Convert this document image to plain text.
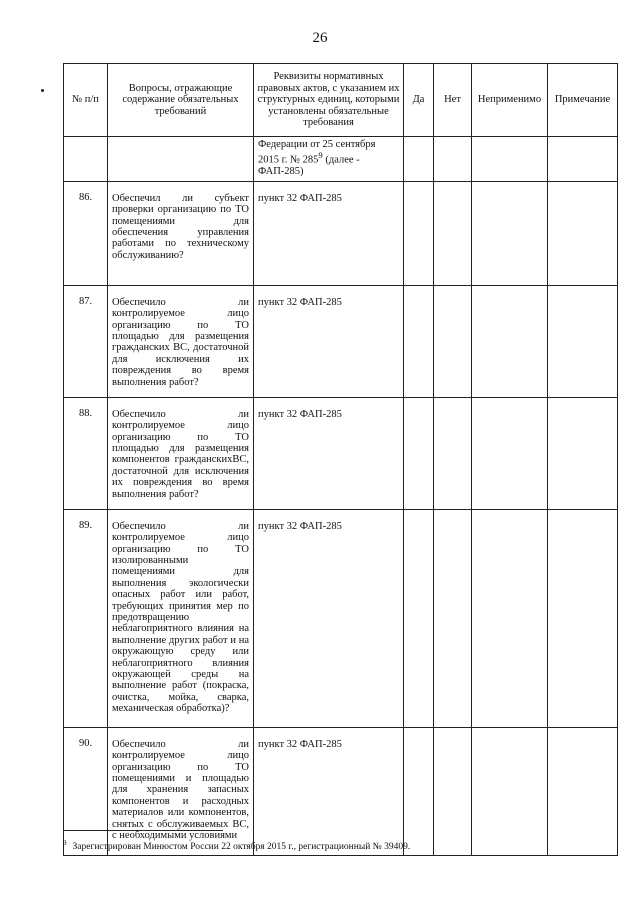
26
№ п/п	Вопросы, отражающие содержание обязательных требований	Реквизиты нормативных правовых актов, с указанием их структурных единиц, которыми установлены обязательные требования	Да	Нет	Неприменимо	Примечание
		Федерации от 25 сентября 2015 г. № $285^9$ (далее - ФАП-285)				
86.	Обеспечил ли субъект проверки организацию по ТО помещениями для обеспечения управления работами по техническому обслуживанию?	пункт 32 ФАП-285				
87.	Обеспечило ли контролируемое лицо организацию по ТО площадью для размещения гражданских ВС, достаточной для исключения их повреждения во время выполнения работ?	пункт 32 ФАП-285				
88.	Обеспечило ли контролируемое лицо организацию по ТО площадью для размещения компонентов гражданскихВС, достаточной для исключения их повреждения во время выполнения работ?	пункт 32 ФАП-285				
89.	Обеспечило ли контролируемое лицо организацию по ТО изолированными помещениями для выполнения экологически опасных работ или работ, требующих принятия мер по предотвращению неблагоприятного влияния на выполнение других работ и на окружающую среду или неблагоприятного влияния окружающей среды на выполнение работ (покраска, очистка, мойка, сварка, механическая обработка)?	пункт 32 ФАП-285				
90.	Обеспечило ли контролируемое лицо организацию по ТО помещениями и площадью для хранения запасных компонентов и расходных материалов или компонентов, снятых с обслуживаемых ВС, с необходимыми условиями	пункт 32 ФАП-285				
$^9$ Зарегистрирован Минюстом России 22 октября 2015 г., регистрационный № 39409.
